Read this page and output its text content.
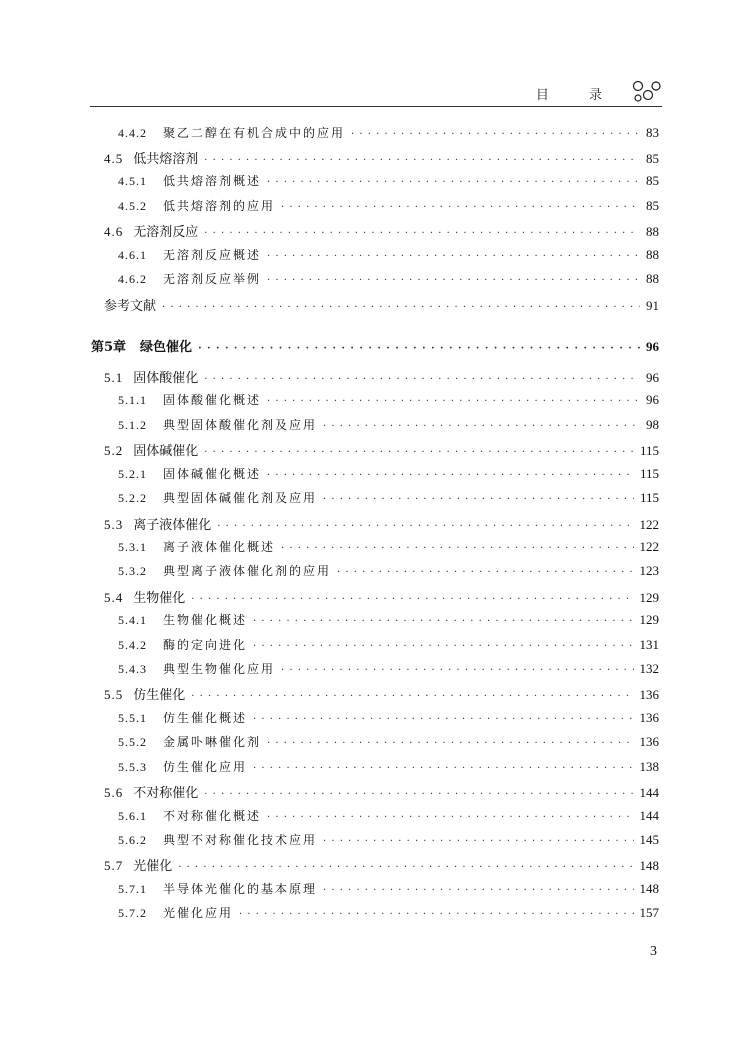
目 录
4.4.2 聚乙二醇在有机合成中的应用 · · ·	83
4.5 低共熔溶剂 · · ·	85
4.5.1 低共熔溶剂概述 · · ·	85
4.5.2 低共熔溶剂的应用 · · ·	85
4.6 无溶剂反应 · · ·	88
4.6.1 无溶剂反应概述 · · ·	88
4.6.2 无溶剂反应举例 · · ·	88
参考文献 · · ·	91
第5章 绿色催化 · · ·	96
5.1 固体酸催化 · · ·	96
5.1.1 固体酸催化概述 · · ·	96
5.1.2 典型固体酸催化剂及应用 · · ·	98
5.2 固体碱催化 · · ·	115
5.2.1 固体碱催化概述 · · ·	115
5.2.2 典型固体碱催化剂及应用 · · ·	115
5.3 离子液体催化 · · ·	122
5.3.1 离子液体催化概述 · · ·	122
5.3.2 典型离子液体催化剂的应用 · · ·	123
5.4 生物催化 · · ·	129
5.4.1 生物催化概述 · · ·	129
5.4.2 酶的定向进化 · · ·	131
5.4.3 典型生物催化应用 · · ·	132
5.5 仿生催化 · · ·	136
5.5.1 仿生催化概述 · · ·	136
5.5.2 金属卟啉催化剂 · · ·	136
5.5.3 仿生催化应用 · · ·	138
5.6 不对称催化 · · ·	144
5.6.1 不对称催化概述 · · ·	144
5.6.2 典型不对称催化技术应用 · · ·	145
5.7 光催化 · · ·	148
5.7.1 半导体光催化的基本原理 · · ·	148
5.7.2 光催化应用 · · ·	157
3
